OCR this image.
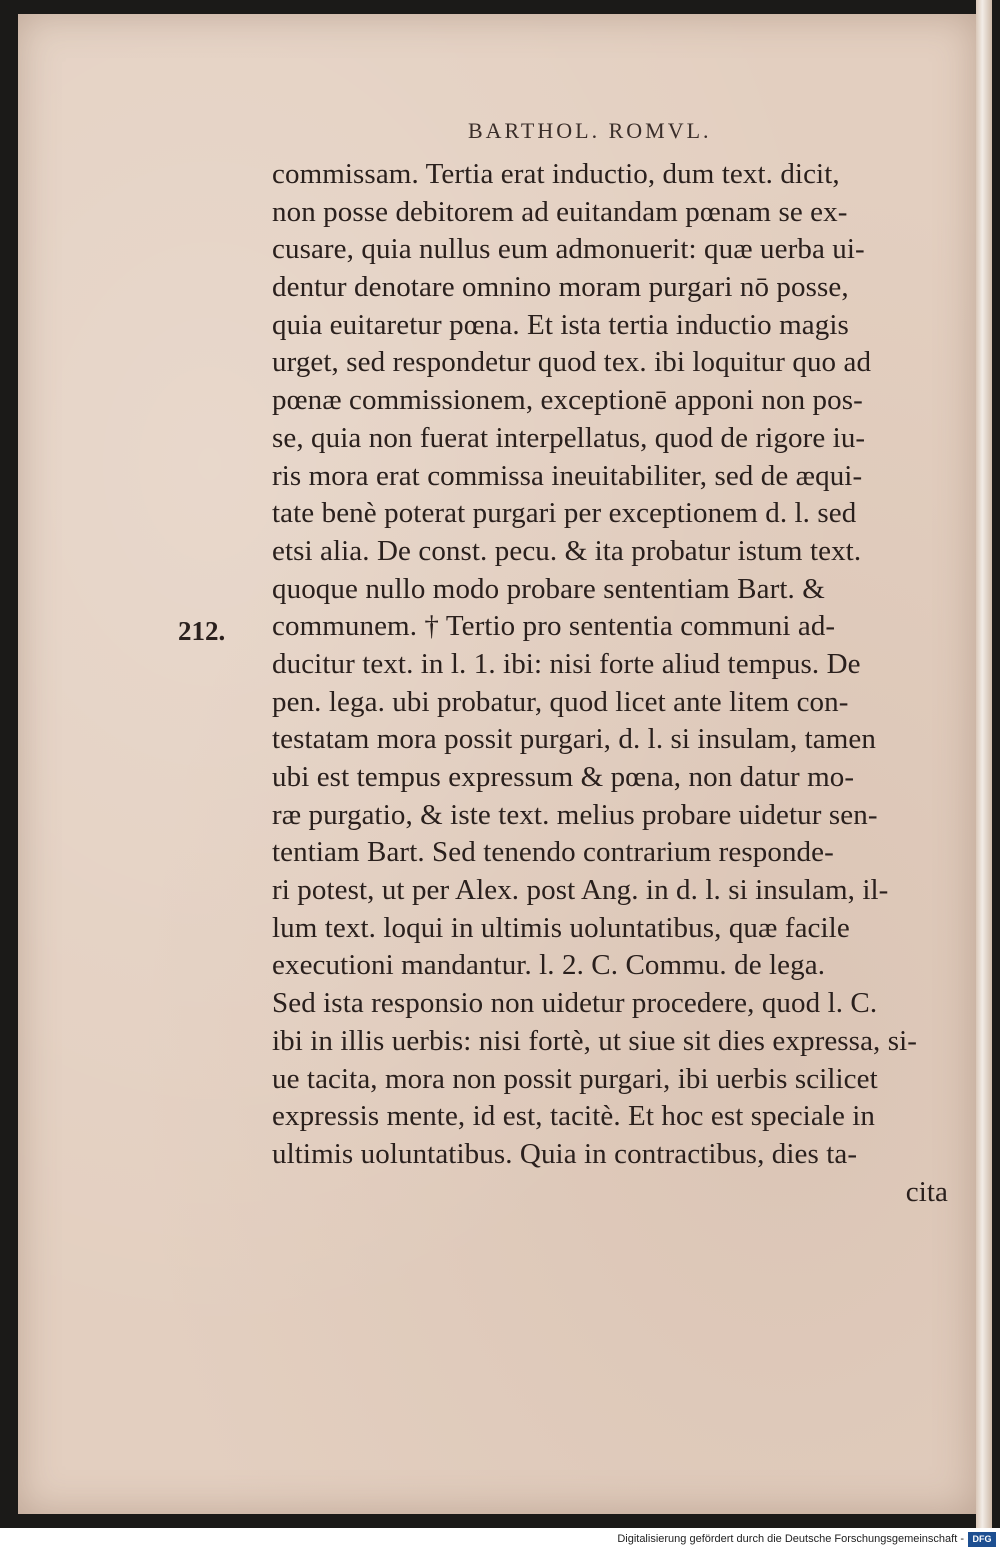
BARTHOL. ROMVL.
212.
commissam. Tertia erat inductio, dum text. dicit,
non posse debitorem ad euitandam pœnam se ex-
cusare, quia nullus eum admonuerit: quæ uerba ui-
dentur denotare omnino moram purgari nō posse,
quia euitaretur pœna. Et ista tertia inductio magis
urget, sed respondetur quod tex. ibi loquitur quo ad
pœnæ commissionem, exceptionē apponi non pos-
se, quia non fuerat interpellatus, quod de rigore iu-
ris mora erat commissa ineuitabiliter, sed de æqui-
tate benè poterat purgari per exceptionem d. l. sed
etsi alia. De const. pecu. & ita probatur istum text.
quoque nullo modo probare sententiam Bart. &
communem. † Tertio pro sententia communi ad-
ducitur text. in l. 1. ibi: nisi forte aliud tempus. De
pen. lega. ubi probatur, quod licet ante litem con-
testatam mora possit purgari, d. l. si insulam, tamen
ubi est tempus expressum & pœna, non datur mo-
ræ purgatio, & iste text. melius probare uidetur sen-
tentiam Bart. Sed tenendo contrarium responde-
ri potest, ut per Alex. post Ang. in d. l. si insulam, il-
lum text. loqui in ultimis uoluntatibus, quæ facile
executioni mandantur. l. 2. C. Commu. de lega.
Sed ista responsio non uidetur procedere, quod l. C.
ibi in illis uerbis: nisi fortè, ut siue sit dies expressa, si-
ue tacita, mora non possit purgari, ibi uerbis scilicet
expressis mente, id est, tacitè. Et hoc est speciale in
ultimis uoluntatibus. Quia in contractibus, dies ta-
cita
Digitalisierung gefördert durch die Deutsche Forschungsgemeinschaft - DFG
